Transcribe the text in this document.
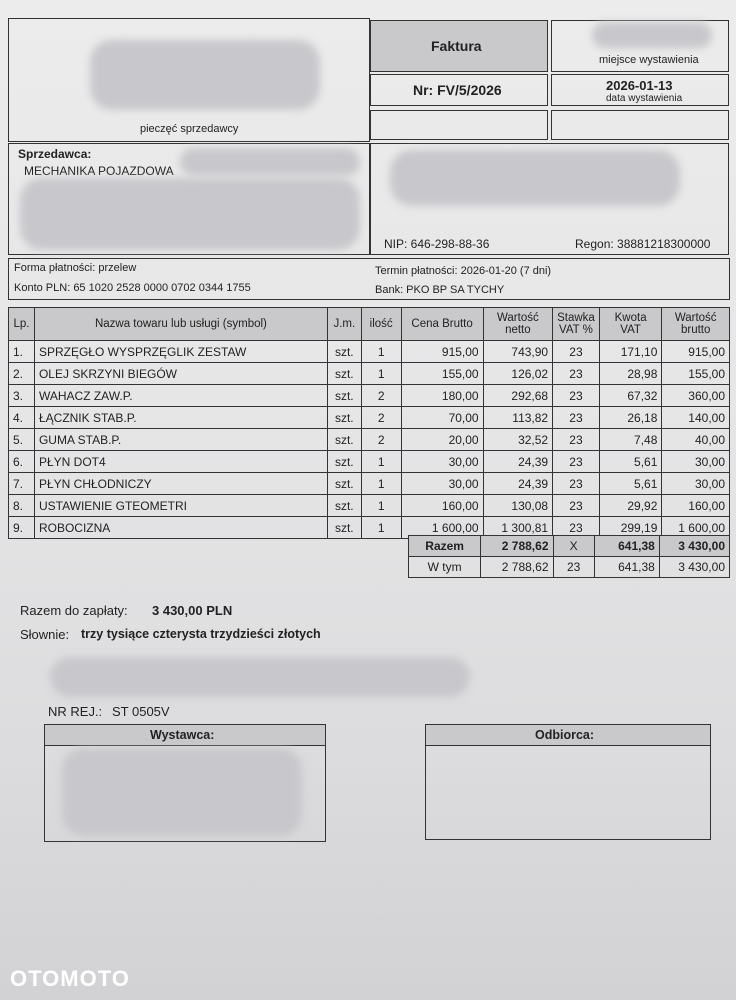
pieczęć sprzedawcy
Faktura
miejsce wystawienia
Nr: FV/5/2026	2026-01-13
data wystawienia
Sprzedawca:
MECHANIKA POJAZDOWA
NIP: 646-298-88-36	Regon: 38881218300000
Forma płatności: przelew
Konto PLN: 65 1020 2528 0000 0702 0344 1755
Termin płatności: 2026-01-20 (7 dni)
Bank: PKO BP SA TYCHY
Lp.	Nazwa towaru lub usługi (symbol)	J.m.	ilość	Cena Brutto	Wartość netto	Stawka VAT %	Kwota VAT	Wartość brutto
1.	SPRZĘGŁO WYSPRZĘGLIK ZESTAW	szt.	1	915,00	743,90	23	171,10	915,00
2.	OLEJ SKRZYNI BIEGÓW	szt.	1	155,00	126,02	23	28,98	155,00
3.	WAHACZ ZAW.P.	szt.	2	180,00	292,68	23	67,32	360,00
4.	ŁĄCZNIK STAB.P.	szt.	2	70,00	113,82	23	26,18	140,00
5.	GUMA STAB.P.	szt.	2	20,00	32,52	23	7,48	40,00
6.	PŁYN DOT4	szt.	1	30,00	24,39	23	5,61	30,00
7.	PŁYN CHŁODNICZY	szt.	1	30,00	24,39	23	5,61	30,00
8.	USTAWIENIE GTEOMETRI	szt.	1	160,00	130,08	23	29,92	160,00
9.	ROBOCIZNA	szt.	1	1 600,00	1 300,81	23	299,19	1 600,00
Razem	2 788,62	X	641,38	3 430,00
W tym	2 788,62	23	641,38	3 430,00
Razem do zapłaty: 3 430,00 PLN
Słownie: trzy tysiące czterysta trzydzieści złotych
NR REJ.: ST 0505V
Wystawca:	Odbiorca:
OTOMOTO
